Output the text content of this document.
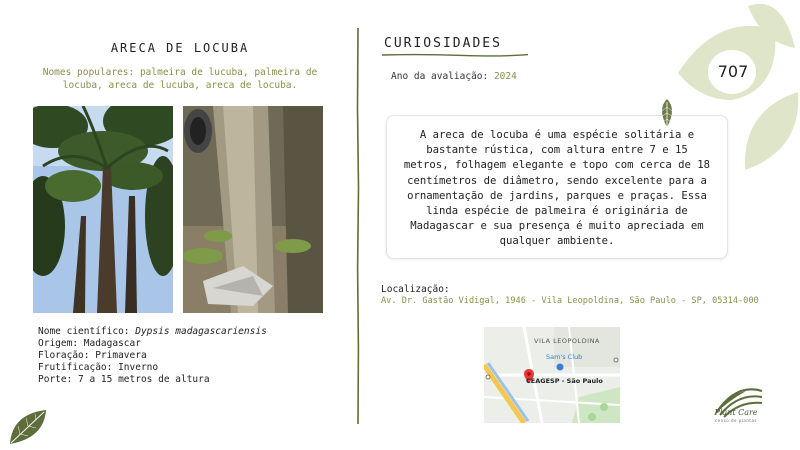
ARECA DE LOCUBA
Nomes populares: palmeira de lucuba, palmeira de locuba, areca de lucuba, areca de locuba.
Nome científico: Dypsis madagascariensis
Origem: Madagascar
Floração: Primavera
Frutificação: Inverno
Porte: 7 a 15 metros de altura
CURIOSIDADES
Ano da avaliação: 2024
A areca de locuba é uma espécie solitária e bastante rústica, com altura entre 7 e 15 metros, folhagem elegante e topo com cerca de 18 centímetros de diâmetro, sendo excelente para a ornamentação de jardins, parques e praças. Essa linda espécie de palmeira é originária de Madagascar e sua presença é muito apreciada em qualquer ambiente.
Localização:
Av. Dr. Gastão Vidigal, 1946 - Vila Leopoldina, São Paulo - SP, 05314-000
VILA LEOPOLDINA
Sam's Club
CEAGESP - São Paulo
707
Plant Care
censo de plantas
